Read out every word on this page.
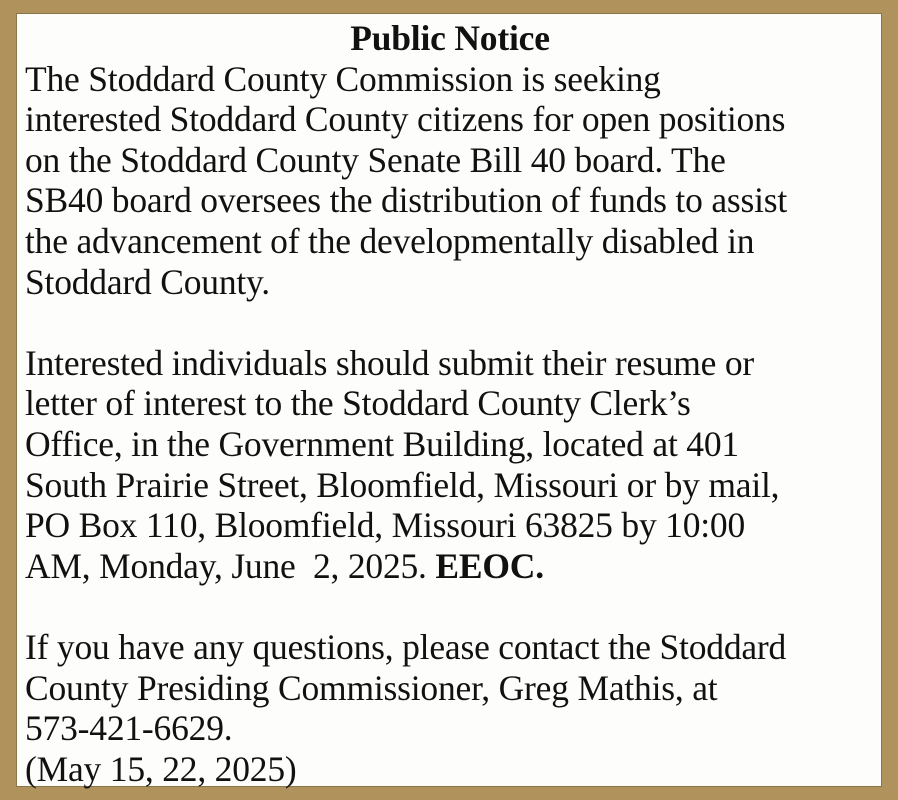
Public Notice
The Stoddard County Commission is seeking
interested Stoddard County citizens for open positions
on the Stoddard County Senate Bill 40 board. The
SB40 board oversees the distribution of funds to assist
the advancement of the developmentally disabled in
Stoddard County.
Interested individuals should submit their resume or
letter of interest to the Stoddard County Clerk’s
Office, in the Government Building, located at 401
South Prairie Street, Bloomfield, Missouri or by mail,
PO Box 110, Bloomfield, Missouri 63825 by 10:00
AM, Monday, June  2, 2025. EEOC.
If you have any questions, please contact the Stoddard
County Presiding Commissioner, Greg Mathis, at
573-421-6629.
(May 15, 22, 2025)
